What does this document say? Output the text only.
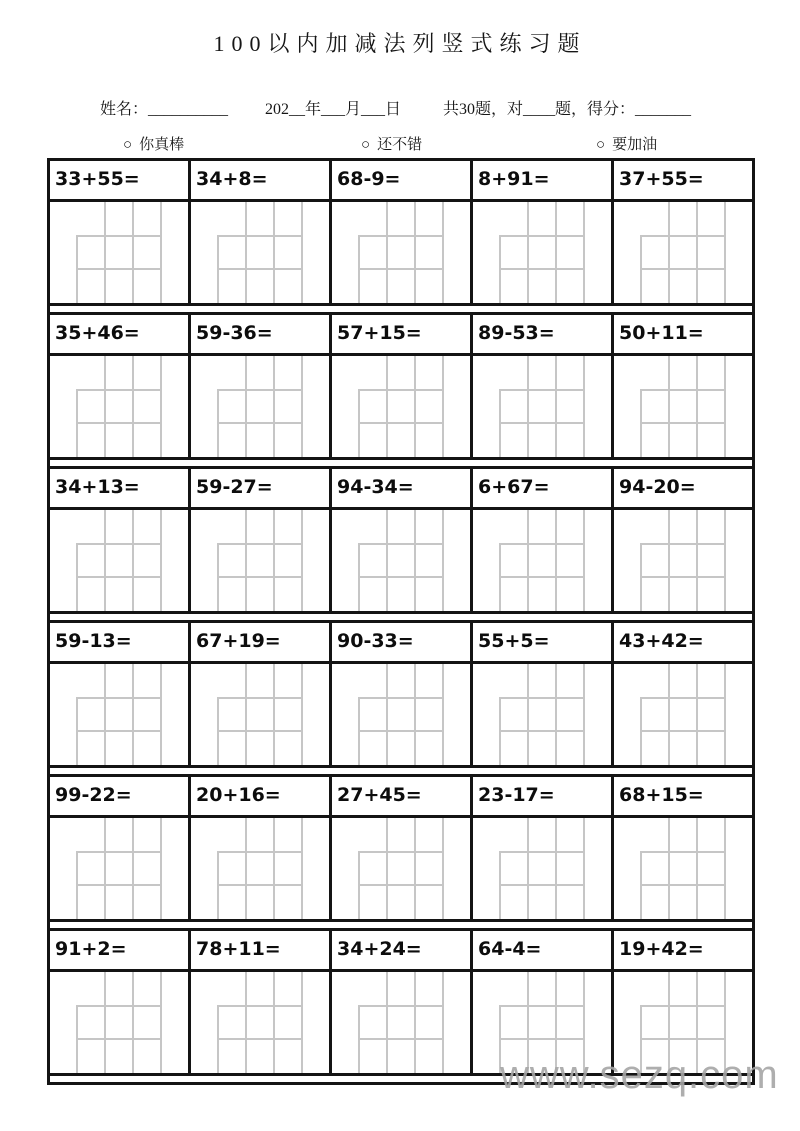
100以内加减法列竖式练习题
姓名：__________ 202__年___月___日	共30题，对____题，得分：_______
○ 你真棒	○ 还不错	○ 要加油
33+55=	34+8=	68-9=	8+91=	37+55=
35+46=	59-36=	57+15=	89-53=	50+11=
34+13=	59-27=	94-34=	6+67=	94-20=
59-13=	67+19=	90-33=	55+5=	43+42=
99-22=	20+16=	27+45=	23-17=	68+15=
91+2=	78+11=	34+24=	64-4=	19+42=
www.sezq.com
